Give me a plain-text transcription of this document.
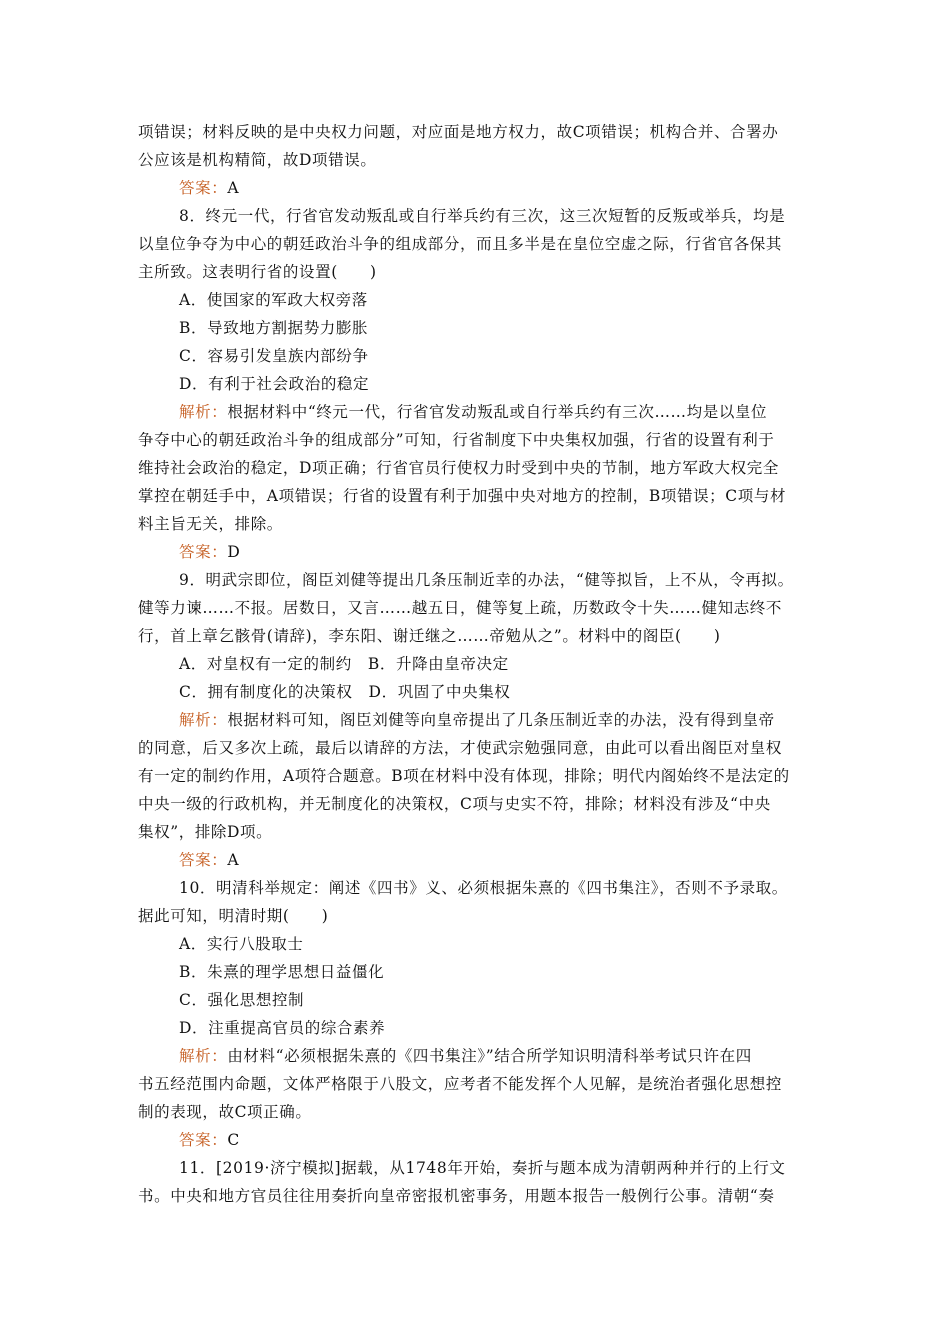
项错误；材料反映的是中央权力问题，对应面是地方权力，故C项错误；机构合并、合署办
公应该是机构精简，故D项错误。
答案：A
8．终元一代，行省官发动叛乱或自行举兵约有三次，这三次短暂的反叛或举兵，均是
以皇位争夺为中心的朝廷政治斗争的组成部分，而且多半是在皇位空虚之际，行省官各保其
主所致。这表明行省的设置(　　)
A．使国家的军政大权旁落
B．导致地方割据势力膨胀
C．容易引发皇族内部纷争
D．有利于社会政治的稳定
解析：根据材料中“终元一代，行省官发动叛乱或自行举兵约有三次……均是以皇位
争夺中心的朝廷政治斗争的组成部分”可知，行省制度下中央集权加强，行省的设置有利于
维持社会政治的稳定，D项正确；行省官员行使权力时受到中央的节制，地方军政大权完全
掌控在朝廷手中，A项错误；行省的设置有利于加强中央对地方的控制，B项错误；C项与材
料主旨无关，排除。
答案：D
9．明武宗即位，阁臣刘健等提出几条压制近幸的办法，“健等拟旨，上不从，令再拟。
健等力谏……不报。居数日，又言……越五日，健等复上疏，历数政令十失……健知志终不
行，首上章乞骸骨(请辞)，李东阳、谢迁继之……帝勉从之”。材料中的阁臣(　　)
A．对皇权有一定的制约　B．升降由皇帝决定
C．拥有制度化的决策权　D．巩固了中央集权
解析：根据材料可知，阁臣刘健等向皇帝提出了几条压制近幸的办法，没有得到皇帝
的同意，后又多次上疏，最后以请辞的方法，才使武宗勉强同意，由此可以看出阁臣对皇权
有一定的制约作用，A项符合题意。B项在材料中没有体现，排除；明代内阁始终不是法定的
中央一级的行政机构，并无制度化的决策权，C项与史实不符，排除；材料没有涉及“中央
集权”，排除D项。
答案：A
10．明清科举规定：阐述《四书》义、必须根据朱熹的《四书集注》，否则不予录取。
据此可知，明清时期(　　)
A．实行八股取士
B．朱熹的理学思想日益僵化
C．强化思想控制
D．注重提高官员的综合素养
解析：由材料“必须根据朱熹的《四书集注》”结合所学知识明清科举考试只许在四
书五经范围内命题，文体严格限于八股文，应考者不能发挥个人见解，是统治者强化思想控
制的表现，故C项正确。
答案：C
11．[2019·济宁模拟]据载，从1748年开始，奏折与题本成为清朝两种并行的上行文
书。中央和地方官员往往用奏折向皇帝密报机密事务，用题本报告一般例行公事。清朝“奏
